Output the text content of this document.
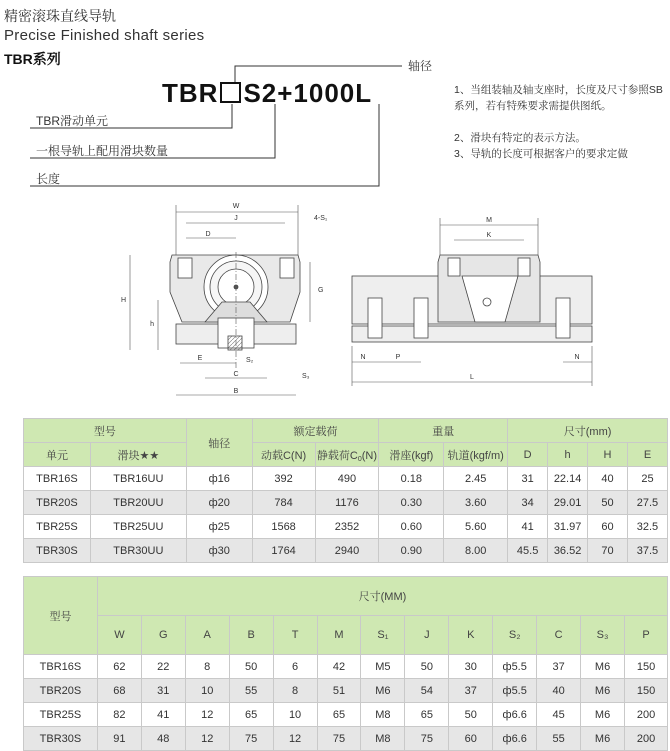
精密滚珠直线导轨
Precise Finished shaft series
TBR系列
TBR S2+1000L
轴径
TBR滑动单元
一根导轨上配用滑块数量
长度
1、当组装轴及轴支座时，长度及尺寸参照SB系列，若有特殊要求需提供图纸。
2、滑块有特定的表示方法。
3、导轨的长度可根据客户的要求定做
W
J
D
4-S₁
G
H
h
S₂
E
C
B
S₃
M
K
N	P	N
L
型号		轴径	额定载荷		重量		尺寸(mm)			
单元	滑块★★		动载C(N)	静载荷$C_0(N)$	滑座(kgf)	轨道(kgf/m)	D	h	H	E
TBR16S	TBR16UU	ф16	392	490	0.18	2.45	31	22.14	40	25
TBR20S	TBR20UU	ф20	784	1176	0.30	3.60	34	29.01	50	27.5
TBR25S	TBR25UU	ф25	1568	2352	0.60	5.60	41	31.97	60	32.5
TBR30S	TBR30UU	ф30	1764	2940	0.90	8.00	45.5	36.52	70	37.5
型号	尺寸(MM)												
	W	G	A	B	T	M	S₁	J	K	S₂	C	S₃	P
TBR16S	62	22	8	50	6	42	M5	50	30	ф5.5	37	M6	150
TBR20S	68	31	10	55	8	51	M6	54	37	ф5.5	40	M6	150
TBR25S	82	41	12	65	10	65	M8	65	50	ф6.6	45	M6	200
TBR30S	91	48	12	75	12	75	M8	75	60	ф6.6	55	M6	200
